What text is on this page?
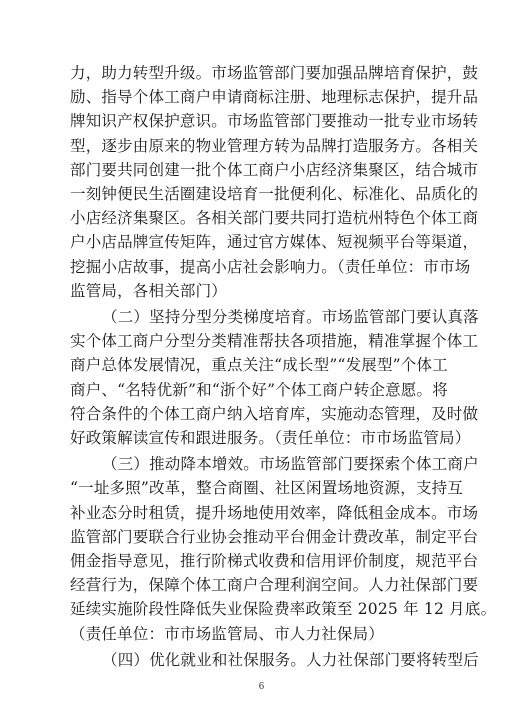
力，助力转型升级。市场监管部门要加强品牌培育保护，鼓
励、指导个体工商户申请商标注册、地理标志保护，提升品
牌知识产权保护意识。市场监管部门要推动一批专业市场转
型，逐步由原来的物业管理方转为品牌打造服务方。各相关
部门要共同创建一批个体工商户小店经济集聚区，结合城市
一刻钟便民生活圈建设培育一批便利化、标准化、品质化的
小店经济集聚区。各相关部门要共同打造杭州特色个体工商
户小店品牌宣传矩阵，通过官方媒体、短视频平台等渠道，
挖掘小店故事，提高小店社会影响力。（责任单位：市市场
监管局，各相关部门）
（二）坚持分型分类梯度培育。市场监管部门要认真落
实个体工商户分型分类精准帮扶各项措施，精准掌握个体工
商户总体发展情况，重点关注“成长型”“发展型”个体工
商户、“名特优新”和“浙个好”个体工商户转企意愿。将
符合条件的个体工商户纳入培育库，实施动态管理，及时做
好政策解读宣传和跟进服务。（责任单位：市市场监管局）
（三）推动降本增效。市场监管部门要探索个体工商户
“一址多照”改革，整合商圈、社区闲置场地资源，支持互
补业态分时租赁，提升场地使用效率，降低租金成本。市场
监管部门要联合行业协会推动平台佣金计费改革，制定平台
佣金指导意见，推行阶梯式收费和信用评价制度，规范平台
经营行为，保障个体工商户合理利润空间。人力社保部门要
延续实施阶段性降低失业保险费率政策至 2025 年 12 月底。
（责任单位：市市场监管局、市人力社保局）
（四）优化就业和社保服务。人力社保部门要将转型后
6
